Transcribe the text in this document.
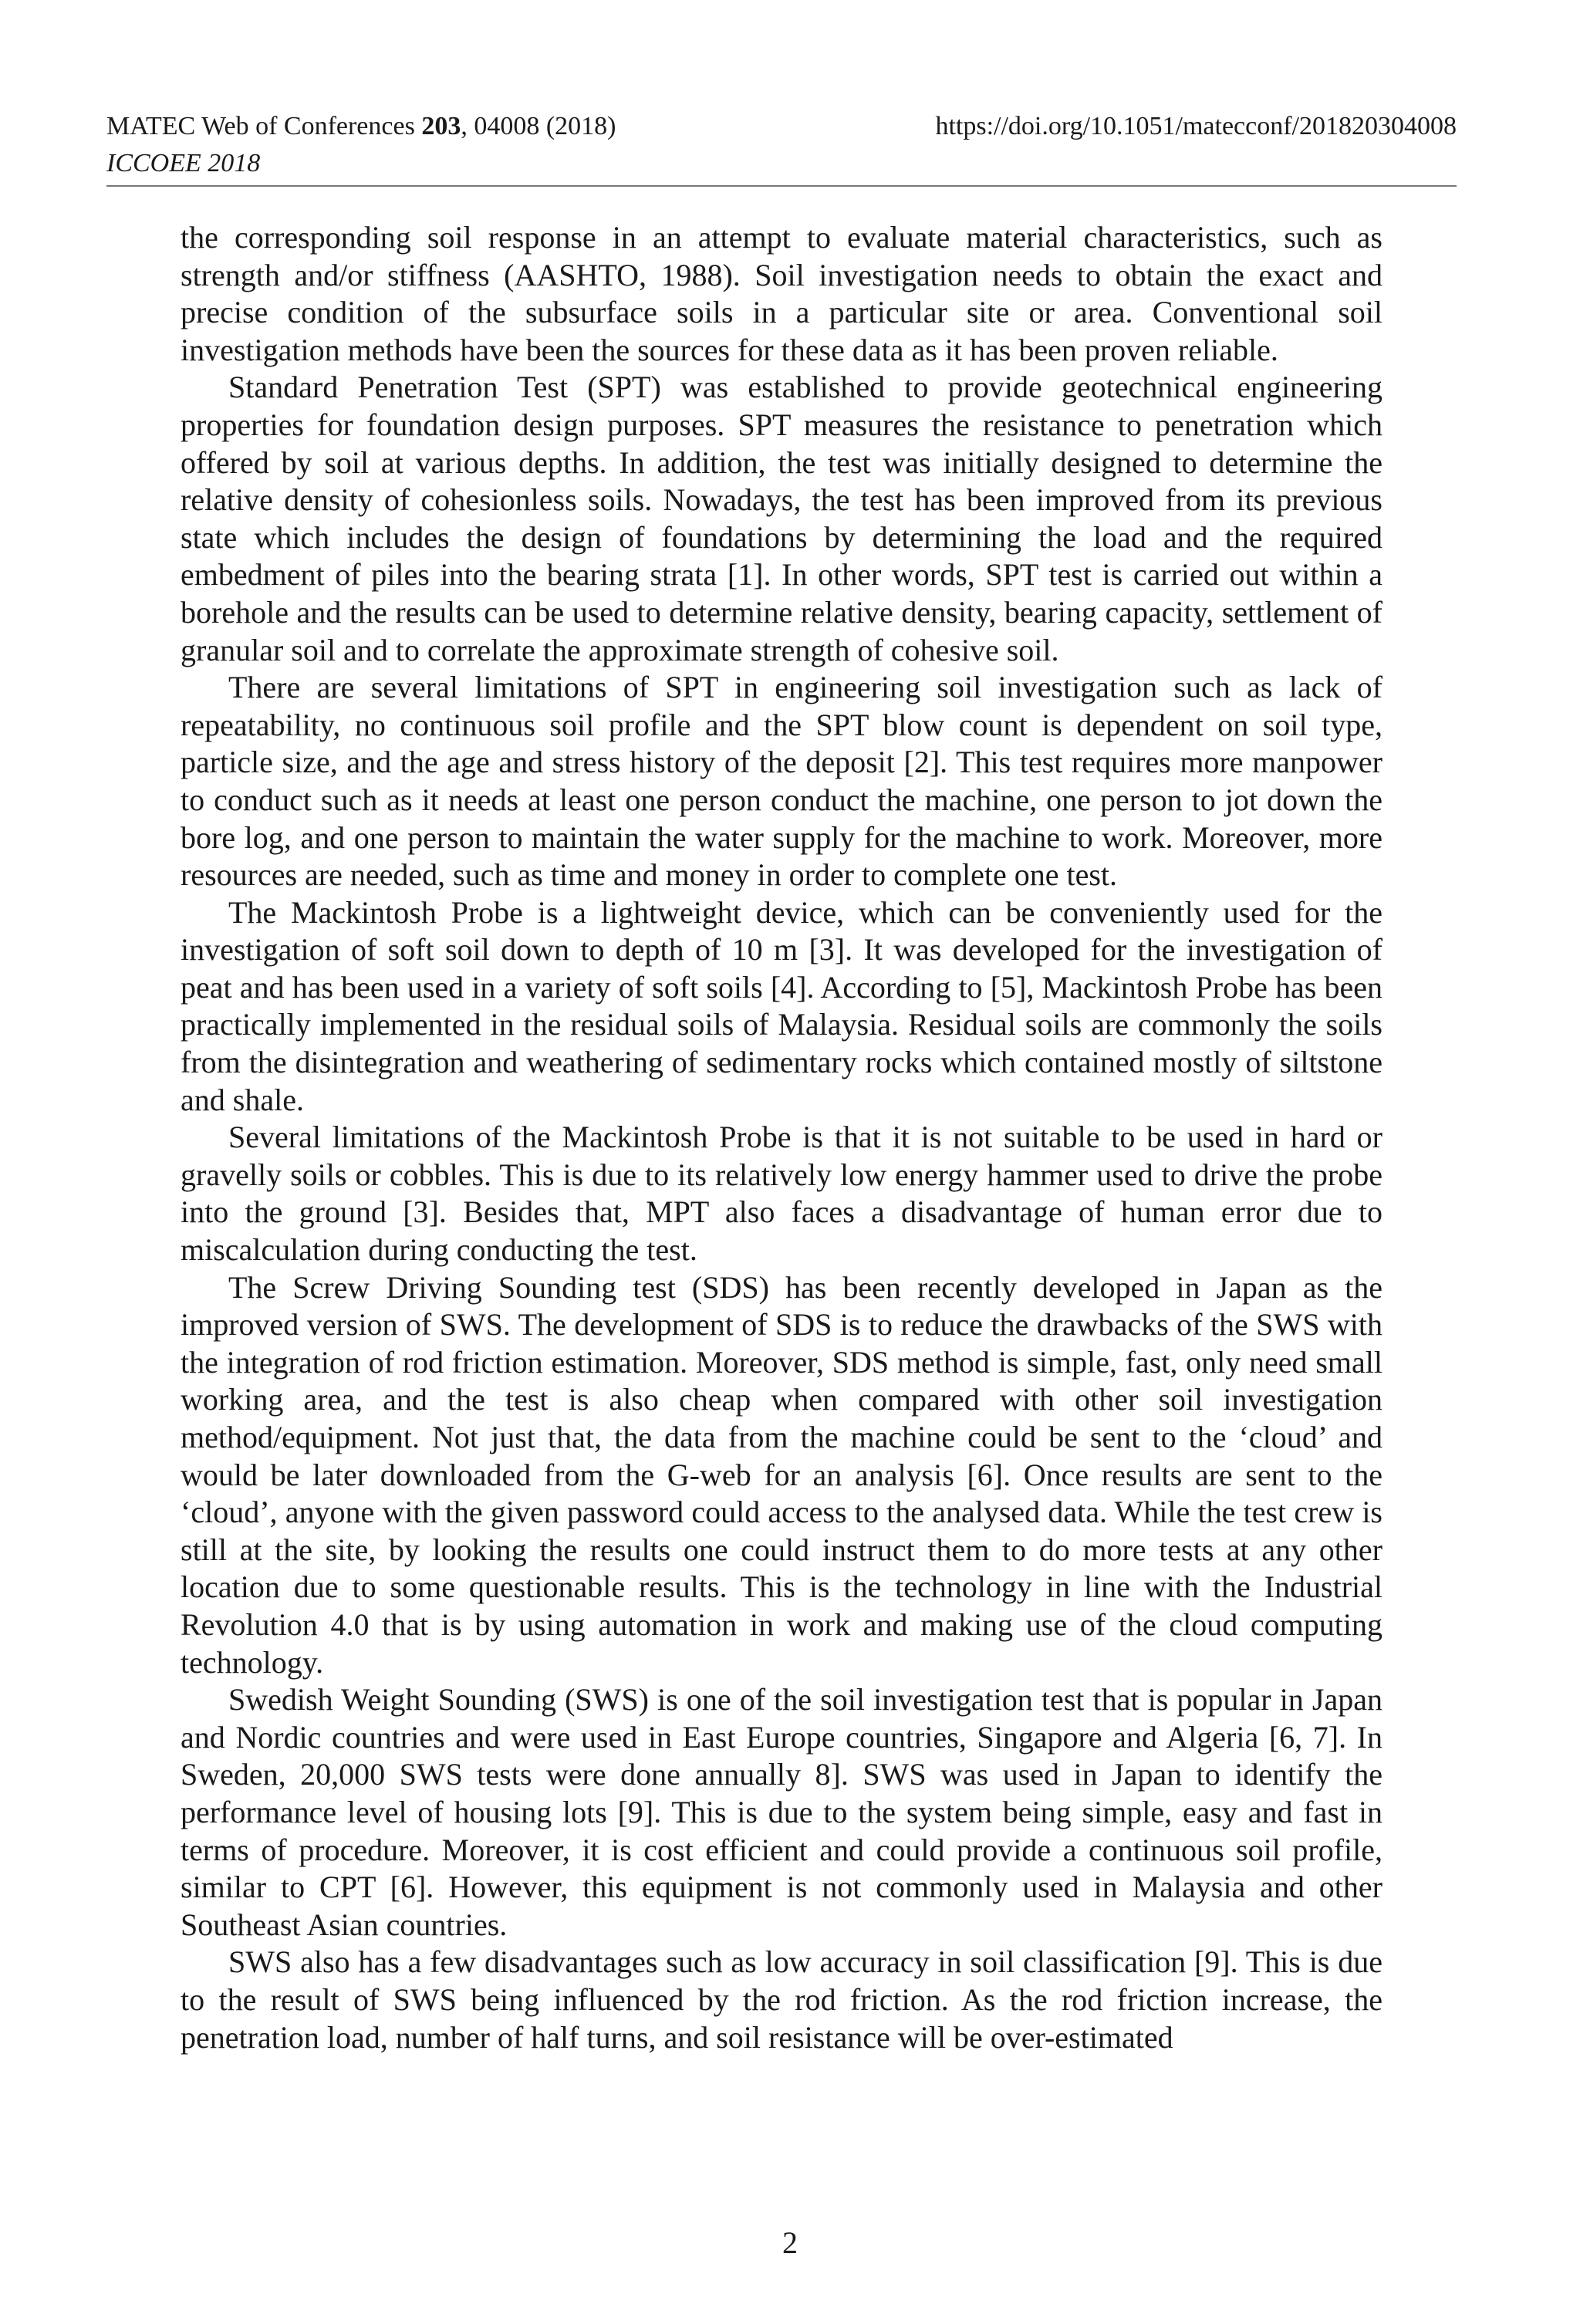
MATEC Web of Conferences 203, 04008 (2018)	https://doi.org/10.1051/matecconf/201820304008
ICCOEE 2018

the corresponding soil response in an attempt to evaluate material characteristics, such as strength and/or stiffness (AASHTO, 1988). Soil investigation needs to obtain the exact and precise condition of the subsurface soils in a particular site or area. Conventional soil investigation methods have been the sources for these data as it has been proven reliable.

Standard Penetration Test (SPT) was established to provide geotechnical engineering properties for foundation design purposes. SPT measures the resistance to penetration which offered by soil at various depths. In addition, the test was initially designed to determine the relative density of cohesionless soils. Nowadays, the test has been improved from its previous state which includes the design of foundations by determining the load and the required embedment of piles into the bearing strata [1]. In other words, SPT test is carried out within a borehole and the results can be used to determine relative density, bearing capacity, settlement of granular soil and to correlate the approximate strength of cohesive soil.

There are several limitations of SPT in engineering soil investigation such as lack of repeatability, no continuous soil profile and the SPT blow count is dependent on soil type, particle size, and the age and stress history of the deposit [2]. This test requires more manpower to conduct such as it needs at least one person conduct the machine, one person to jot down the bore log, and one person to maintain the water supply for the machine to work. Moreover, more resources are needed, such as time and money in order to complete one test.

The Mackintosh Probe is a lightweight device, which can be conveniently used for the investigation of soft soil down to depth of 10 m [3]. It was developed for the investigation of peat and has been used in a variety of soft soils [4]. According to [5], Mackintosh Probe has been practically implemented in the residual soils of Malaysia. Residual soils are commonly the soils from the disintegration and weathering of sedimentary rocks which contained mostly of siltstone and shale.

Several limitations of the Mackintosh Probe is that it is not suitable to be used in hard or gravelly soils or cobbles. This is due to its relatively low energy hammer used to drive the probe into the ground [3]. Besides that, MPT also faces a disadvantage of human error due to miscalculation during conducting the test.

The Screw Driving Sounding test (SDS) has been recently developed in Japan as the improved version of SWS. The development of SDS is to reduce the drawbacks of the SWS with the integration of rod friction estimation. Moreover, SDS method is simple, fast, only need small working area, and the test is also cheap when compared with other soil investigation method/equipment. Not just that, the data from the machine could be sent to the ‘cloud’ and would be later downloaded from the G-web for an analysis [6]. Once results are sent to the ‘cloud’, anyone with the given password could access to the analysed data. While the test crew is still at the site, by looking the results one could instruct them to do more tests at any other location due to some questionable results. This is the technology in line with the Industrial Revolution 4.0 that is by using automation in work and making use of the cloud computing technology.

Swedish Weight Sounding (SWS) is one of the soil investigation test that is popular in Japan and Nordic countries and were used in East Europe countries, Singapore and Algeria [6, 7]. In Sweden, 20,000 SWS tests were done annually 8]. SWS was used in Japan to identify the performance level of housing lots [9]. This is due to the system being simple, easy and fast in terms of procedure. Moreover, it is cost efficient and could provide a continuous soil profile, similar to CPT [6]. However, this equipment is not commonly used in Malaysia and other Southeast Asian countries.

SWS also has a few disadvantages such as low accuracy in soil classification [9]. This is due to the result of SWS being influenced by the rod friction. As the rod friction increase, the penetration load, number of half turns, and soil resistance will be over-estimated

2
